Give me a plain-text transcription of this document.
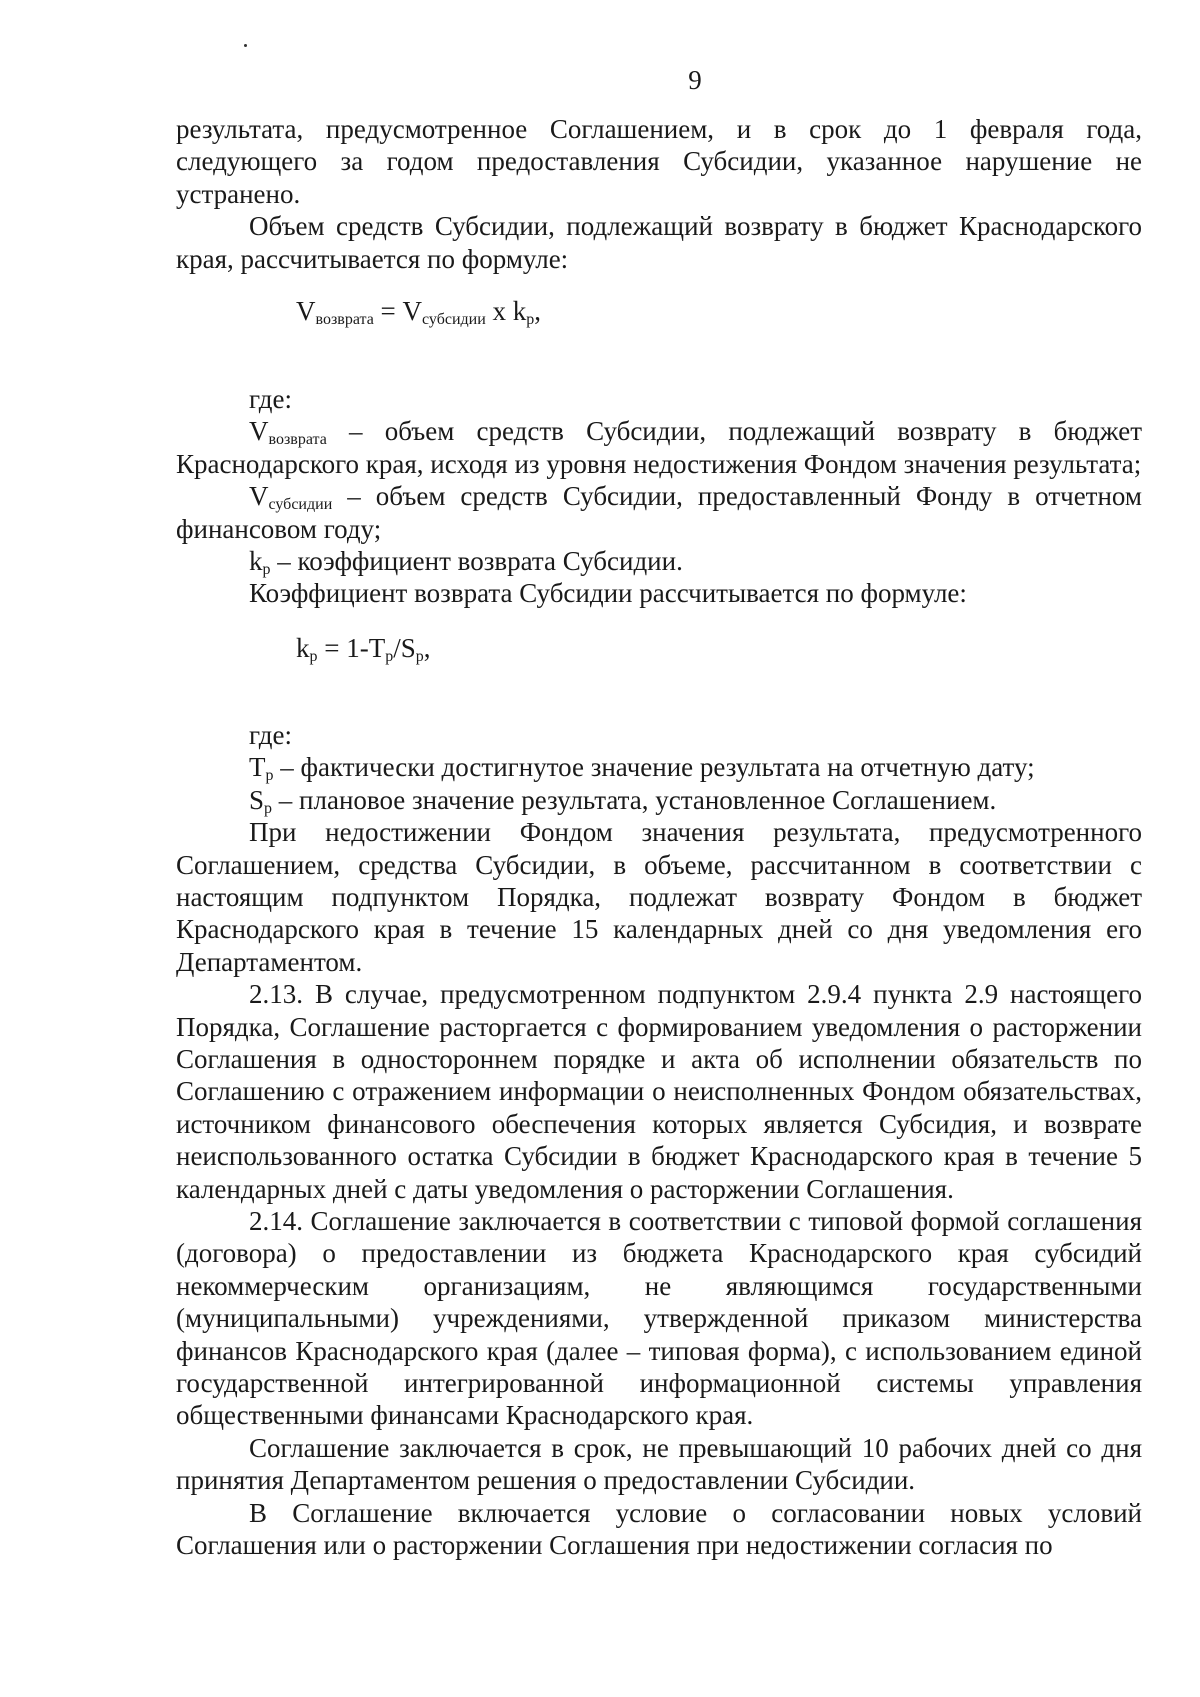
9

результата, предусмотренное Соглашением, и в срок до 1 февраля года, следующего за годом предоставления Субсидии, указанное нарушение не устранено.

Объем средств Субсидии, подлежащий возврату в бюджет Краснодарского края, рассчитывается по формуле:

$V_{возврата} = V_{субсидии}$ x $k_р$,

где:

$V_{возврата}$ – объем средств Субсидии, подлежащий возврату в бюджет Краснодарского края, исходя из уровня недостижения Фондом значения результата;

$V_{субсидии}$ – объем средств Субсидии, предоставленный Фонду в отчетном финансовом году;

$k_р$ – коэффициент возврата Субсидии.

Коэффициент возврата Субсидии рассчитывается по формуле:

$k_р = 1-T_р/S_р$,

где:

$T_р$ – фактически достигнутое значение результата на отчетную дату;

$S_р$ – плановое значение результата, установленное Соглашением.

При недостижении Фондом значения результата, предусмотренного Соглашением, средства Субсидии, в объеме, рассчитанном в соответствии с настоящим подпунктом Порядка, подлежат возврату Фондом в бюджет Краснодарского края в течение 15 календарных дней со дня уведомления его Департаментом.

2.13. В случае, предусмотренном подпунктом 2.9.4 пункта 2.9 настоящего Порядка, Соглашение расторгается с формированием уведомления о расторжении Соглашения в одностороннем порядке и акта об исполнении обязательств по Соглашению с отражением информации о неисполненных Фондом обязательствах, источником финансового обеспечения которых является Субсидия, и возврате неиспользованного остатка Субсидии в бюджет Краснодарского края в течение 5 календарных дней с даты уведомления о расторжении Соглашения.

2.14. Соглашение заключается в соответствии с типовой формой соглашения (договора) о предоставлении из бюджета Краснодарского края субсидий некоммерческим организациям, не являющимся государственными (муниципальными) учреждениями, утвержденной приказом министерства финансов Краснодарского края (далее – типовая форма), с использованием единой государственной интегрированной информационной системы управления общественными финансами Краснодарского края.

Соглашение заключается в срок, не превышающий 10 рабочих дней со дня принятия Департаментом решения о предоставлении Субсидии.

В Соглашение включается условие о согласовании новых условий Соглашения или о расторжении Соглашения при недостижении согласия по
